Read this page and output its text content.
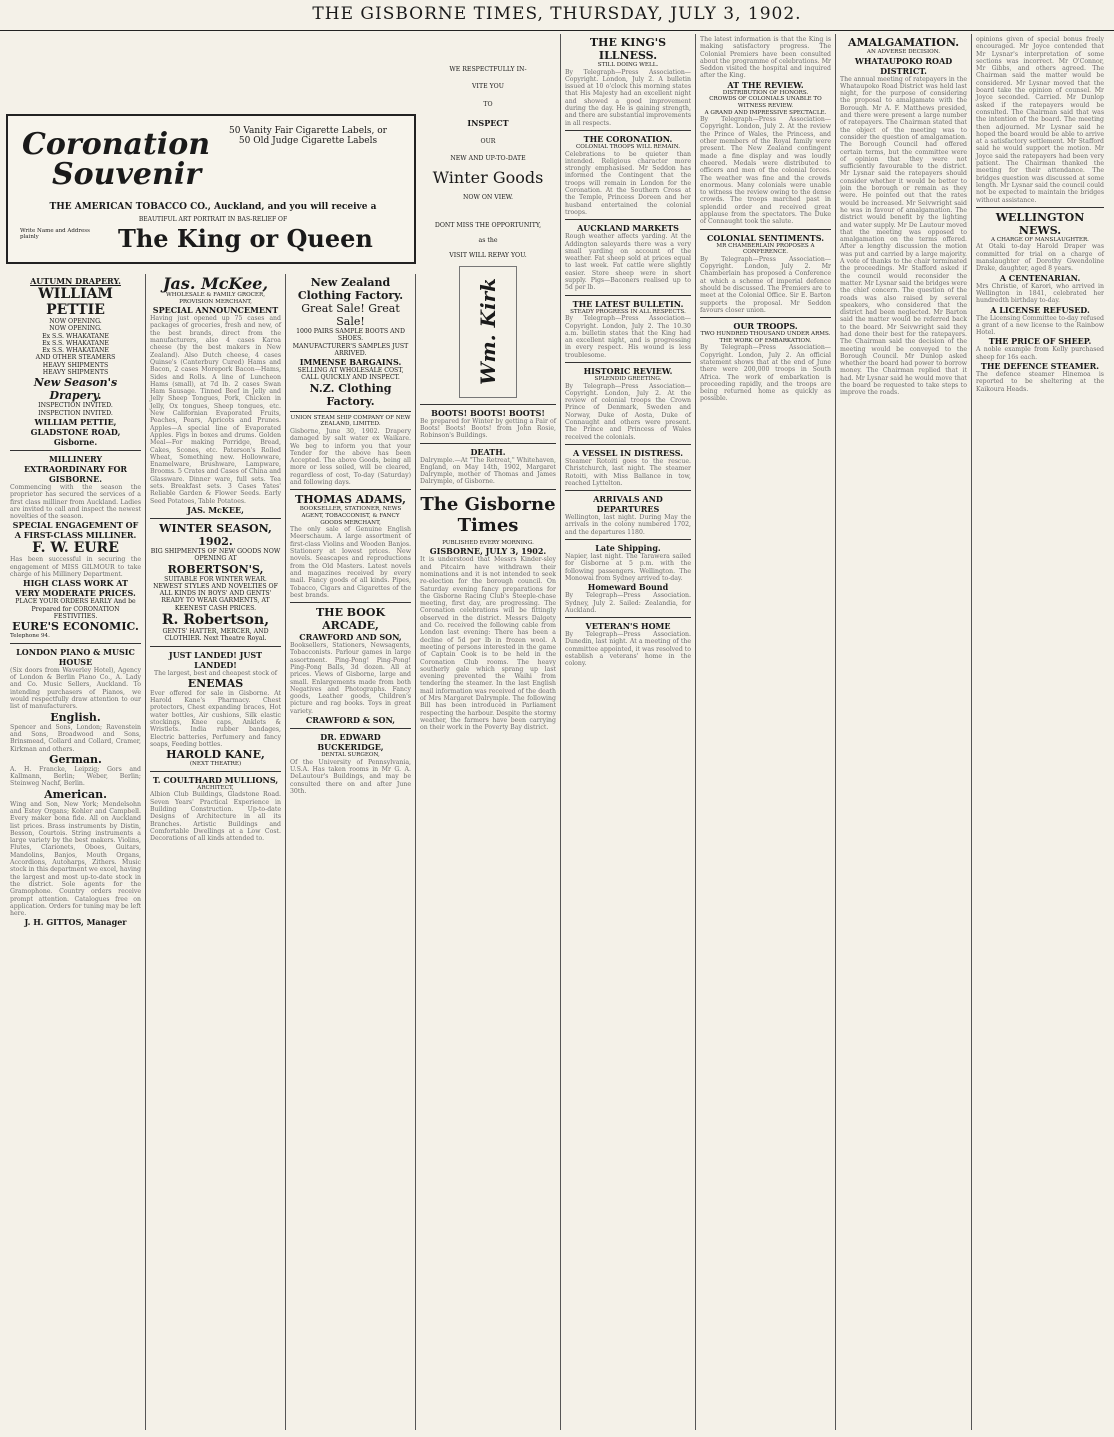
THE GISBORNE TIMES, THURSDAY, JULY 3, 1902.
Coronation
Souvenir
50 Vanity Fair Cigarette Labels, or
50 Old Judge Cigarette Labels
THE AMERICAN TOBACCO CO., Auckland, and you will receive a
BEAUTIFUL ART PORTRAIT IN BAS-RELIEF OF
Write Name and Address plainly	The King or Queen
AUTUMN DRAPERY.
WILLIAM PETTIE
NOW OPENING.
NOW OPENING.
Ex S.S. WHAKATANE
Ex S.S. WHAKATANE
Ex S.S. WHAKATANE
AND OTHER STEAMERS
HEAVY SHIPMENTS
HEAVY SHIPMENTS
New Season's Drapery.
INSPECTION INVITED.
INSPECTION INVITED.
WILLIAM PETTIE, GLADSTONE ROAD, Gisborne.
MILLINERY EXTRAORDINARY FOR GISBORNE.
Commencing with the season the proprietor has secured the services of a first class milliner from Auckland. Ladies are invited to call and inspect the newest novelties of the season.
SPECIAL ENGAGEMENT OF A FIRST-CLASS MILLINER.
F. W. EURE
Has been successful in securing the engagement of MISS GILMOUR to take charge of his Millinery Department.
HIGH CLASS WORK AT VERY MODERATE PRICES.
PLACE YOUR ORDERS EARLY And be Prepared for CORONATION FESTIVITIES.
EURE'S ECONOMIC.
Telephone 94.
LONDON PIANO & MUSIC HOUSE
(Six doors from Waverley Hotel), Agency of London & Berlin Piano Co., A. Lady and Co. Music Sellers, Auckland. To intending purchasers of Pianos, we would respectfully draw attention to our list of manufacturers.
English.
Spencer and Sons, London; Ravenstein and Sons, Broadwood and Sons, Brinsmead, Collard and Collard, Cramer, Kirkman and others.
German.
A. H. Francke, Leipzig; Gors and Kallmann, Berlin; Weber, Berlin; Steinweg Nachf, Berlin.
American.
Wing and Son, New York; Mendelsohn and Estey Organs; Kohler and Campbell. Every maker bona fide. All on Auckland list prices. Brass instruments by Distin, Besson, Courtois. String instruments a large variety by the best makers. Violins, Flutes, Clarionets, Oboes, Guitars, Mandolins, Banjos, Mouth Organs, Accordions, Autoharps, Zithers. Music stock in this department we excel, having the largest and most up-to-date stock in the district. Sole agents for the Gramophone. Country orders receive prompt attention. Catalogues free on application. Orders for tuning may be left here.
J. H. GITTOS, Manager
Jas. McKee,
WHOLESALE & FAMILY GROCER, PROVISION MERCHANT,
SPECIAL ANNOUNCEMENT
Having just opened up 75 cases and packages of groceries, fresh and new, of the best brands, direct from the manufacturers, also 4 cases Karoa cheese (by the best makers in New Zealand). Also Dutch cheese, 4 cases Quinse's (Canterbury Cured) Hams and Bacon, 2 cases Morepork Bacon—Hams, Sides and Rolls. A line of Luncheon Hams (small), at 7d lb. 2 cases Swan Ham Sausage. Tinned Beef in Jelly and Jelly Sheep Tongues, Pork, Chicken in Jelly, Ox tongues, Sheep tongues, etc. New Californian Evaporated Fruits, Peaches, Pears, Apricots and Prunes. Apples—A special line of Evaporated Apples. Figs in boxes and drums. Golden Meal—For making Porridge, Bread, Cakes, Scones, etc. Paterson's Rolled Wheat, Something new. Hollowware, Enamelware, Brushware, Lampware, Brooms. 5 Crates and Cases of China and Glassware. Dinner ware, full sets. Tea sets. Breakfast sets. 3 Cases Yates' Reliable Garden & Flower Seeds. Early Seed Potatoes, Table Potatoes.
JAS. McKEE,
WINTER SEASON, 1902.
BIG SHIPMENTS OF NEW GOODS NOW OPENING AT
ROBERTSON'S,
SUITABLE FOR WINTER WEAR.
NEWEST STYLES AND NOVELTIES OF ALL KINDS IN BOYS' AND GENTS' READY TO WEAR GARMENTS, AT KEENEST CASH PRICES.
R. Robertson,
GENTS' HATTER, MERCER, AND CLOTHIER. Next Theatre Royal.
JUST LANDED! JUST LANDED!
The largest, best and cheapest stock of
ENEMAS
Ever offered for sale in Gisborne. At Harold Kane's Pharmacy. Chest protectors, Chest expanding braces, Hot water bottles, Air cushions, Silk elastic stockings, Knee caps, Anklets & Wristlets. India rubber bandages, Electric batteries, Perfumery and fancy soaps, Feeding bottles.
HAROLD KANE,
(NEXT THEATRE)
T. COULTHARD MULLIONS,
ARCHITECT,
Albion Club Buildings, Gladstone Road. Seven Years' Practical Experience in Building Construction. Up-to-date Designs of Architecture in all its Branches. Artistic Buildings and Comfortable Dwellings at a Low Cost. Decorations of all kinds attended to.
New Zealand Clothing Factory.
Great Sale! Great Sale!
1000 PAIRS SAMPLE BOOTS AND SHOES.
MANUFACTURER'S SAMPLES JUST ARRIVED.
IMMENSE BARGAINS.
SELLING AT WHOLESALE COST,
CALL QUICKLY AND INSPECT.
N.Z. Clothing Factory.
UNION STEAM SHIP COMPANY OF NEW ZEALAND, LIMITED.
Gisborne, June 30, 1902. Drapery damaged by salt water ex Waikare. We beg to inform you that your Tender for the above has been Accepted. The above Goods, being all more or less soiled, will be cleared, regardless of cost, To-day (Saturday) and following days.
THOMAS ADAMS,
BOOKSELLER, STATIONER, NEWS AGENT, TOBACCONIST, & FANCY GOODS MERCHANT,
The only sale of Genuine English Meerschaum. A large assortment of first-class Violins and Wooden Banjos. Stationery at lowest prices. New novels. Seascapes and reproductions from the Old Masters. Latest novels and magazines received by every mail. Fancy goods of all kinds. Pipes, Tobacco, Cigars and Cigarettes of the best brands.
THE BOOK ARCADE,
CRAWFORD AND SON,
Booksellers, Stationers, Newsagents, Tobacconists. Parlour games in large assortment. Ping-Pong! Ping-Pong! Ping-Pong Balls, 3d dozen. All at prices. Views of Gisborne, large and small. Enlargements made from both Negatives and Photographs. Fancy goods, Leather goods, Children's picture and rag books. Toys in great variety.
CRAWFORD & SON,
DR. EDWARD BUCKERIDGE,
DENTAL SURGEON,
Of the University of Pennsylvania, U.S.A. Has taken rooms in Mr G. A. DeLautour's Buildings, and may be consulted there on and after June 30th.
WE RESPECTFULLY IN-
VITE YOU
TO
INSPECT
OUR
NEW AND UP-TO-DATE
Winter Goods
NOW ON VIEW.
DONT MISS THE OPPORTUNITY,
as the
VISIT WILL REPAY YOU.
Wm. Kirk
BOOTS! BOOTS! BOOTS!
Be prepared for Winter by getting a Pair of Boots! Boots! Boots! from John Rosie, Robinson's Buildings.
DEATH.
Dalrymple.—At "The Retreat," Whitehaven, England, on May 14th, 1902, Margaret Dalrymple, mother of Thomas and James Dalrymple, of Gisborne.
The Gisborne Times
PUBLISHED EVERY MORNING.
GISBORNE, JULY 3, 1902.
It is understood that Messrs Kinder-sley and Pitcairn have withdrawn their nominations and it is not intended to seek re-election for the borough council. On Saturday evening fancy preparations for the Gisborne Racing Club's Steeple-chase meeting, first day, are progressing. The Coronation celebrations will be fittingly observed in the district. Messrs Dalgety and Co. received the following cable from London last evening: There has been a decline of 5d per lb in frozen wool. A meeting of persons interested in the game of Captain Cook is to be held in the Coronation Club rooms. The heavy southerly gale which sprang up last evening prevented the Waihi from tendering the steamer. In the last English mail information was received of the death of Mrs Margaret Dalrymple. The following Bill has been introduced in Parliament respecting the harbour. Despite the stormy weather, the farmers have been carrying on their work in the Poverty Bay district.
THE KING'S ILLNESS.
STILL DOING WELL.
By Telegraph—Press Association—Copyright. London, July 2. A bulletin issued at 10 o'clock this morning states that His Majesty had an excellent night and showed a good improvement during the day. He is gaining strength, and there are substantial improvements in all respects.
THE CORONATION.
COLONIAL TROOPS WILL REMAIN.
Celebrations to be quieter than intended. Religious character more strongly emphasised. Mr Seddon has informed the Contingent that the troops will remain in London for the Coronation. At the Southern Cross at the Temple, Princess Doreen and her husband entertained the colonial troops.
AUCKLAND MARKETS
Rough weather affects yarding. At the Addington saleyards there was a very small yarding on account of the weather. Fat sheep sold at prices equal to last week. Fat cattle were slightly easier. Store sheep were in short supply. Pigs—Baconers realised up to 5d per lb.
THE LATEST BULLETIN.
STEADY PROGRESS IN ALL RESPECTS.
By Telegraph—Press Association—Copyright. London, July 2. The 10.30 a.m. bulletin states that the King had an excellent night, and is progressing in every respect. His wound is less troublesome.
HISTORIC REVIEW.
SPLENDID GREETING.
By Telegraph—Press Association—Copyright. London, July 2. At the review of colonial troops the Crown Prince of Denmark, Sweden and Norway, Duke of Aosta, Duke of Connaught and others were present. The Prince and Princess of Wales received the colonials.
A VESSEL IN DISTRESS.
Steamer Rotoiti goes to the rescue. Christchurch, last night. The steamer Rotoiti, with Miss Ballance in tow, reached Lyttelton.
ARRIVALS AND DEPARTURES
Wellington, last night. During May the arrivals in the colony numbered 1702, and the departures 1180.
Late Shipping.
Napier, last night. The Tarawera sailed for Gisborne at 5 p.m. with the following passengers. Wellington. The Monowai from Sydney arrived to-day.
Homeward Bound
By Telegraph—Press Association. Sydney, July 2. Sailed: Zealandia, for Auckland.
VETERAN'S HOME
By Telegraph—Press Association. Dunedin, last night. At a meeting of the committee appointed, it was resolved to establish a veterans' home in the colony.
The latest information is that the King is making satisfactory progress. The Colonial Premiers have been consulted about the programme of celebrations. Mr Seddon visited the hospital and inquired after the King.
AT THE REVIEW.
DISTRIBUTION OF HONORS.
CROWDS OF COLONIALS UNABLE TO WITNESS REVIEW.
A GRAND AND IMPRESSIVE SPECTACLE.
By Telegraph—Press Association—Copyright. London, July 2. At the review the Prince of Wales, the Princess, and other members of the Royal family were present. The New Zealand contingent made a fine display and was loudly cheered. Medals were distributed to officers and men of the colonial forces. The weather was fine and the crowds enormous. Many colonials were unable to witness the review owing to the dense crowds. The troops marched past in splendid order and received great applause from the spectators. The Duke of Connaught took the salute.
COLONIAL SENTIMENTS.
MR CHAMBERLAIN PROPOSES A CONFERENCE.
By Telegraph—Press Association—Copyright. London, July 2. Mr Chamberlain has proposed a Conference at which a scheme of imperial defence should be discussed. The Premiers are to meet at the Colonial Office. Sir E. Barton supports the proposal. Mr Seddon favours closer union.
OUR TROOPS.
TWO HUNDRED THOUSAND UNDER ARMS.
THE WORK OF EMBARKATION.
By Telegraph—Press Association—Copyright. London, July 2. An official statement shows that at the end of June there were 200,000 troops in South Africa. The work of embarkation is proceeding rapidly, and the troops are being returned home as quickly as possible.
AMALGAMATION.
AN ADVERSE DECISION.
WHATAUPOKO ROAD DISTRICT.
The annual meeting of ratepayers in the Whataupoko Road District was held last night, for the purpose of considering the proposal to amalgamate with the Borough. Mr A. F. Matthews presided, and there were present a large number of ratepayers. The Chairman stated that the object of the meeting was to consider the question of amalgamation. The Borough Council had offered certain terms, but the committee were of opinion that they were not sufficiently favourable to the district. Mr Lysnar said the ratepayers should consider whether it would be better to join the borough or remain as they were. He pointed out that the rates would be increased. Mr Seivwright said he was in favour of amalgamation. The district would benefit by the lighting and water supply. Mr De Lautour moved that the meeting was opposed to amalgamation on the terms offered. After a lengthy discussion the motion was put and carried by a large majority. A vote of thanks to the chair terminated the proceedings. Mr Stafford asked if the council would reconsider the matter. Mr Lysnar said the bridges were the chief concern. The question of the roads was also raised by several speakers, who considered that the district had been neglected. Mr Barton said the matter would be referred back to the board. Mr Seivwright said they had done their best for the ratepayers. The Chairman said the decision of the meeting would be conveyed to the Borough Council. Mr Dunlop asked whether the board had power to borrow money. The Chairman replied that it had. Mr Lysnar said he would move that the board be requested to take steps to improve the roads.
opinions given of special bonus freely encouraged. Mr Joyce contended that Mr Lysnar's interpretation of some sections was incorrect. Mr O'Connor, Mr Gibbs, and others agreed. The Chairman said the matter would be considered. Mr Lysnar moved that the board take the opinion of counsel. Mr Joyce seconded. Carried. Mr Dunlop asked if the ratepayers would be consulted. The Chairman said that was the intention of the board. The meeting then adjourned. Mr Lysnar said he hoped the board would be able to arrive at a satisfactory settlement. Mr Stafford said he would support the motion. Mr Joyce said the ratepayers had been very patient. The Chairman thanked the meeting for their attendance. The bridges question was discussed at some length. Mr Lysnar said the council could not be expected to maintain the bridges without assistance.
WELLINGTON NEWS.
A CHARGE OF MANSLAUGHTER.
At Otaki to-day Harold Draper was committed for trial on a charge of manslaughter of Dorothy Gwendoline Drake, daughter, aged 8 years.
A CENTENARIAN.
Mrs Christie, of Karori, who arrived in Wellington in 1841, celebrated her hundredth birthday to-day.
A LICENSE REFUSED.
The Licensing Committee to-day refused a grant of a new license to the Rainbow Hotel.
THE PRICE OF SHEEP.
A noble example from Kelly purchased sheep for 16s each.
THE DEFENCE STEAMER.
The defence steamer Hinemoa is reported to be sheltering at the Kaikoura Heads.
